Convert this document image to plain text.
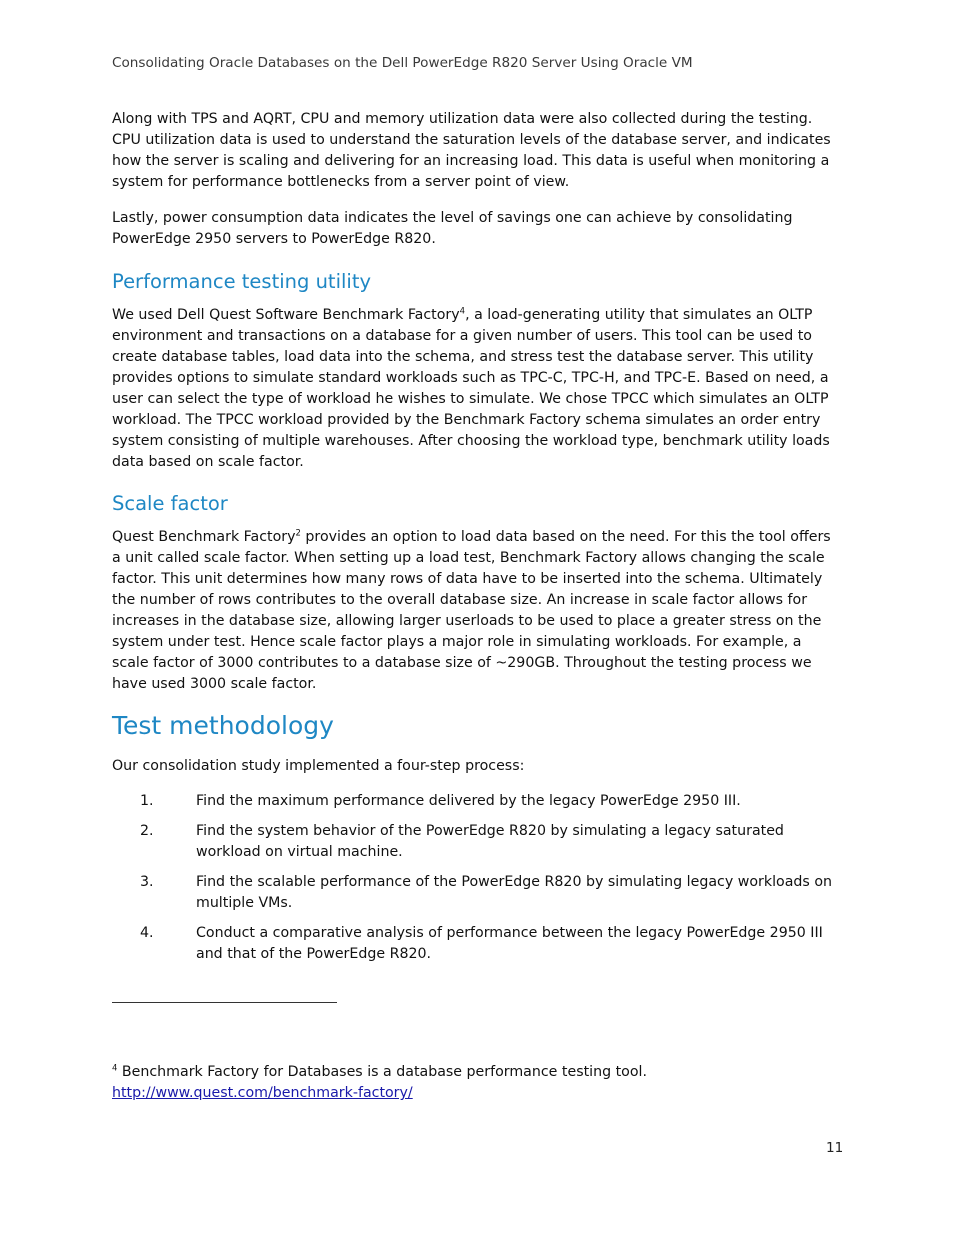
Consolidating Oracle Databases on the Dell PowerEdge R820 Server Using Oracle VM

Along with TPS and AQRT, CPU and memory utilization data were also collected during the testing. CPU utilization data is used to understand the saturation levels of the database server, and indicates how the server is scaling and delivering for an increasing load. This data is useful when monitoring a system for performance bottlenecks from a server point of view.

Lastly, power consumption data indicates the level of savings one can achieve by consolidating PowerEdge 2950 servers to PowerEdge R820.

Performance testing utility

We used Dell Quest Software Benchmark Factory$^4$, a load-generating utility that simulates an OLTP environment and transactions on a database for a given number of users. This tool can be used to create database tables, load data into the schema, and stress test the database server. This utility provides options to simulate standard workloads such as TPC-C, TPC-H, and TPC-E. Based on need, a user can select the type of workload he wishes to simulate. We chose TPCC which simulates an OLTP workload. The TPCC workload provided by the Benchmark Factory schema simulates an order entry system consisting of multiple warehouses. After choosing the workload type, benchmark utility loads data based on scale factor.

Scale factor

Quest Benchmark Factory$^2$ provides an option to load data based on the need. For this the tool offers a unit called scale factor. When setting up a load test, Benchmark Factory allows changing the scale factor. This unit determines how many rows of data have to be inserted into the schema. Ultimately the number of rows contributes to the overall database size. An increase in scale factor allows for increases in the database size, allowing larger userloads to be used to place a greater stress on the system under test. Hence scale factor plays a major role in simulating workloads. For example, a scale factor of 3000 contributes to a database size of ~290GB. Throughout the testing process we have used 3000 scale factor.

Test methodology

Our consolidation study implemented a four-step process:

1.	Find the maximum performance delivered by the legacy PowerEdge 2950 III.
2.	Find the system behavior of the PowerEdge R820 by simulating a legacy saturated workload on virtual machine.
3.	Find the scalable performance of the PowerEdge R820 by simulating legacy workloads on multiple VMs.
4.	Conduct a comparative analysis of performance between the legacy PowerEdge 2950 III and that of the PowerEdge R820.
$^4$ Benchmark Factory for Databases is a database performance testing tool.
http://www.quest.com/benchmark-factory/
11
